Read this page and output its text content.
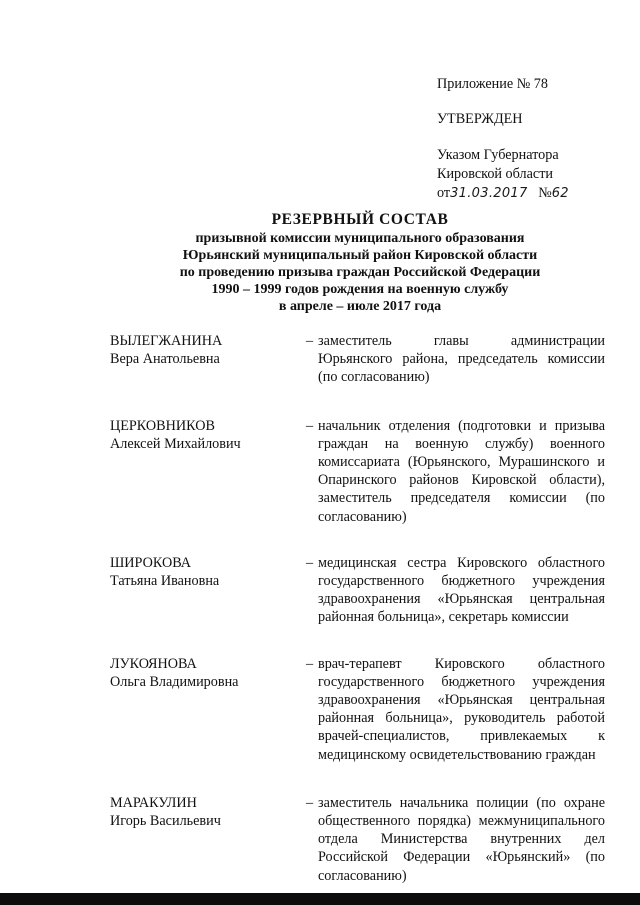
Приложение № 78
УТВЕРЖДЕН
Указом Губернатора
Кировской области
от31.03.2017 №62
РЕЗЕРВНЫЙ СОСТАВ
призывной комиссии муниципального образования
Юрьянский муниципальный район Кировской области
по проведению призыва граждан Российской Федерации
1990 – 1999 годов рождения на военную службу
в апреле – июле 2017 года
ВЫЛЕГЖАНИНА
Вера Анатольевна
– заместитель главы администрации Юрьянского района, председатель комиссии (по согласованию)
ЦЕРКОВНИКОВ
Алексей Михайлович
– начальник отделения (подготовки и призыва граждан на военную службу) военного комиссариата (Юрьянского, Мурашинского и Опаринского районов Кировской области), заместитель председателя комиссии (по согласованию)
ШИРОКОВА
Татьяна Ивановна
– медицинская сестра Кировского областного государственного бюджетного учреждения здравоохранения «Юрьянская центральная районная больница», секретарь комиссии
ЛУКОЯНОВА
Ольга Владимировна
– врач-терапевт Кировского областного государственного бюджетного учреждения здравоохранения «Юрьянская центральная районная больница», руководитель работой врачей-специалистов, привлекаемых к медицинскому освидетельствованию граждан
МАРАКУЛИН
Игорь Васильевич
– заместитель начальника полиции (по охране общественного порядка) межмуниципального отдела Министерства внутренних дел Российской Федерации «Юрьянский» (по согласованию)
